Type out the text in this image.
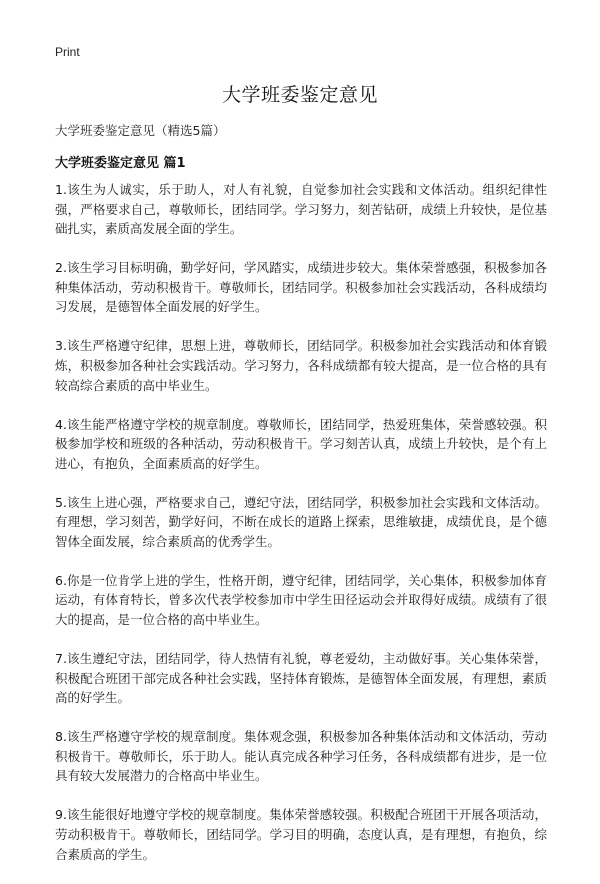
Print
大学班委鉴定意见
大学班委鉴定意见（精选5篇）
大学班委鉴定意见 篇1

1.该生为人诚实，乐于助人，对人有礼貌，自觉参加社会实践和文体活动。组织纪律性强，严格要求自己，尊敬师长，团结同学。学习努力，刻苦钻研，成绩上升较快，是位基础扎实，素质高发展全面的学生。

2.该生学习目标明确，勤学好问，学风踏实，成绩进步较大。集体荣誉感强，积极参加各种集体活动，劳动积极肯干。尊敬师长，团结同学。积极参加社会实践活动，各科成绩均习发展，是德智体全面发展的好学生。

3.该生严格遵守纪律，思想上进，尊敬师长，团结同学。积极参加社会实践活动和体育锻炼，积极参加各种社会实践活动。学习努力，各科成绩都有较大提高，是一位合格的具有较高综合素质的高中毕业生。

4.该生能严格遵守学校的规章制度。尊敬师长，团结同学，热爱班集体，荣誉感较强。积极参加学校和班级的各种活动，劳动积极肯干。学习刻苦认真，成绩上升较快，是个有上进心，有抱负，全面素质高的好学生。

5.该生上进心强，严格要求自己，遵纪守法，团结同学，积极参加社会实践和文体活动。有理想，学习刻苦，勤学好问，不断在成长的道路上探索，思维敏捷，成绩优良，是个德智体全面发展，综合素质高的优秀学生。

6.你是一位肯学上进的学生，性格开朗，遵守纪律，团结同学，关心集体，积极参加体育运动，有体育特长，曾多次代表学校参加市中学生田径运动会并取得好成绩。成绩有了很大的提高，是一位合格的高中毕业生。

7.该生遵纪守法，团结同学，待人热情有礼貌，尊老爱幼，主动做好事。关心集体荣誉，积极配合班团干部完成各种社会实践，坚持体育锻炼，是德智体全面发展，有理想，素质高的好学生。

8.该生严格遵守学校的规章制度。集体观念强，积极参加各种集体活动和文体活动，劳动积极肯干。尊敬师长，乐于助人。能认真完成各种学习任务，各科成绩都有进步，是一位具有较大发展潜力的合格高中毕业生。

9.该生能很好地遵守学校的规章制度。集体荣誉感较强。积极配合班团干开展各项活动，劳动积极肯干。尊敬师长，团结同学。学习目的明确，态度认真，是有理想，有抱负，综合素质高的学生。
